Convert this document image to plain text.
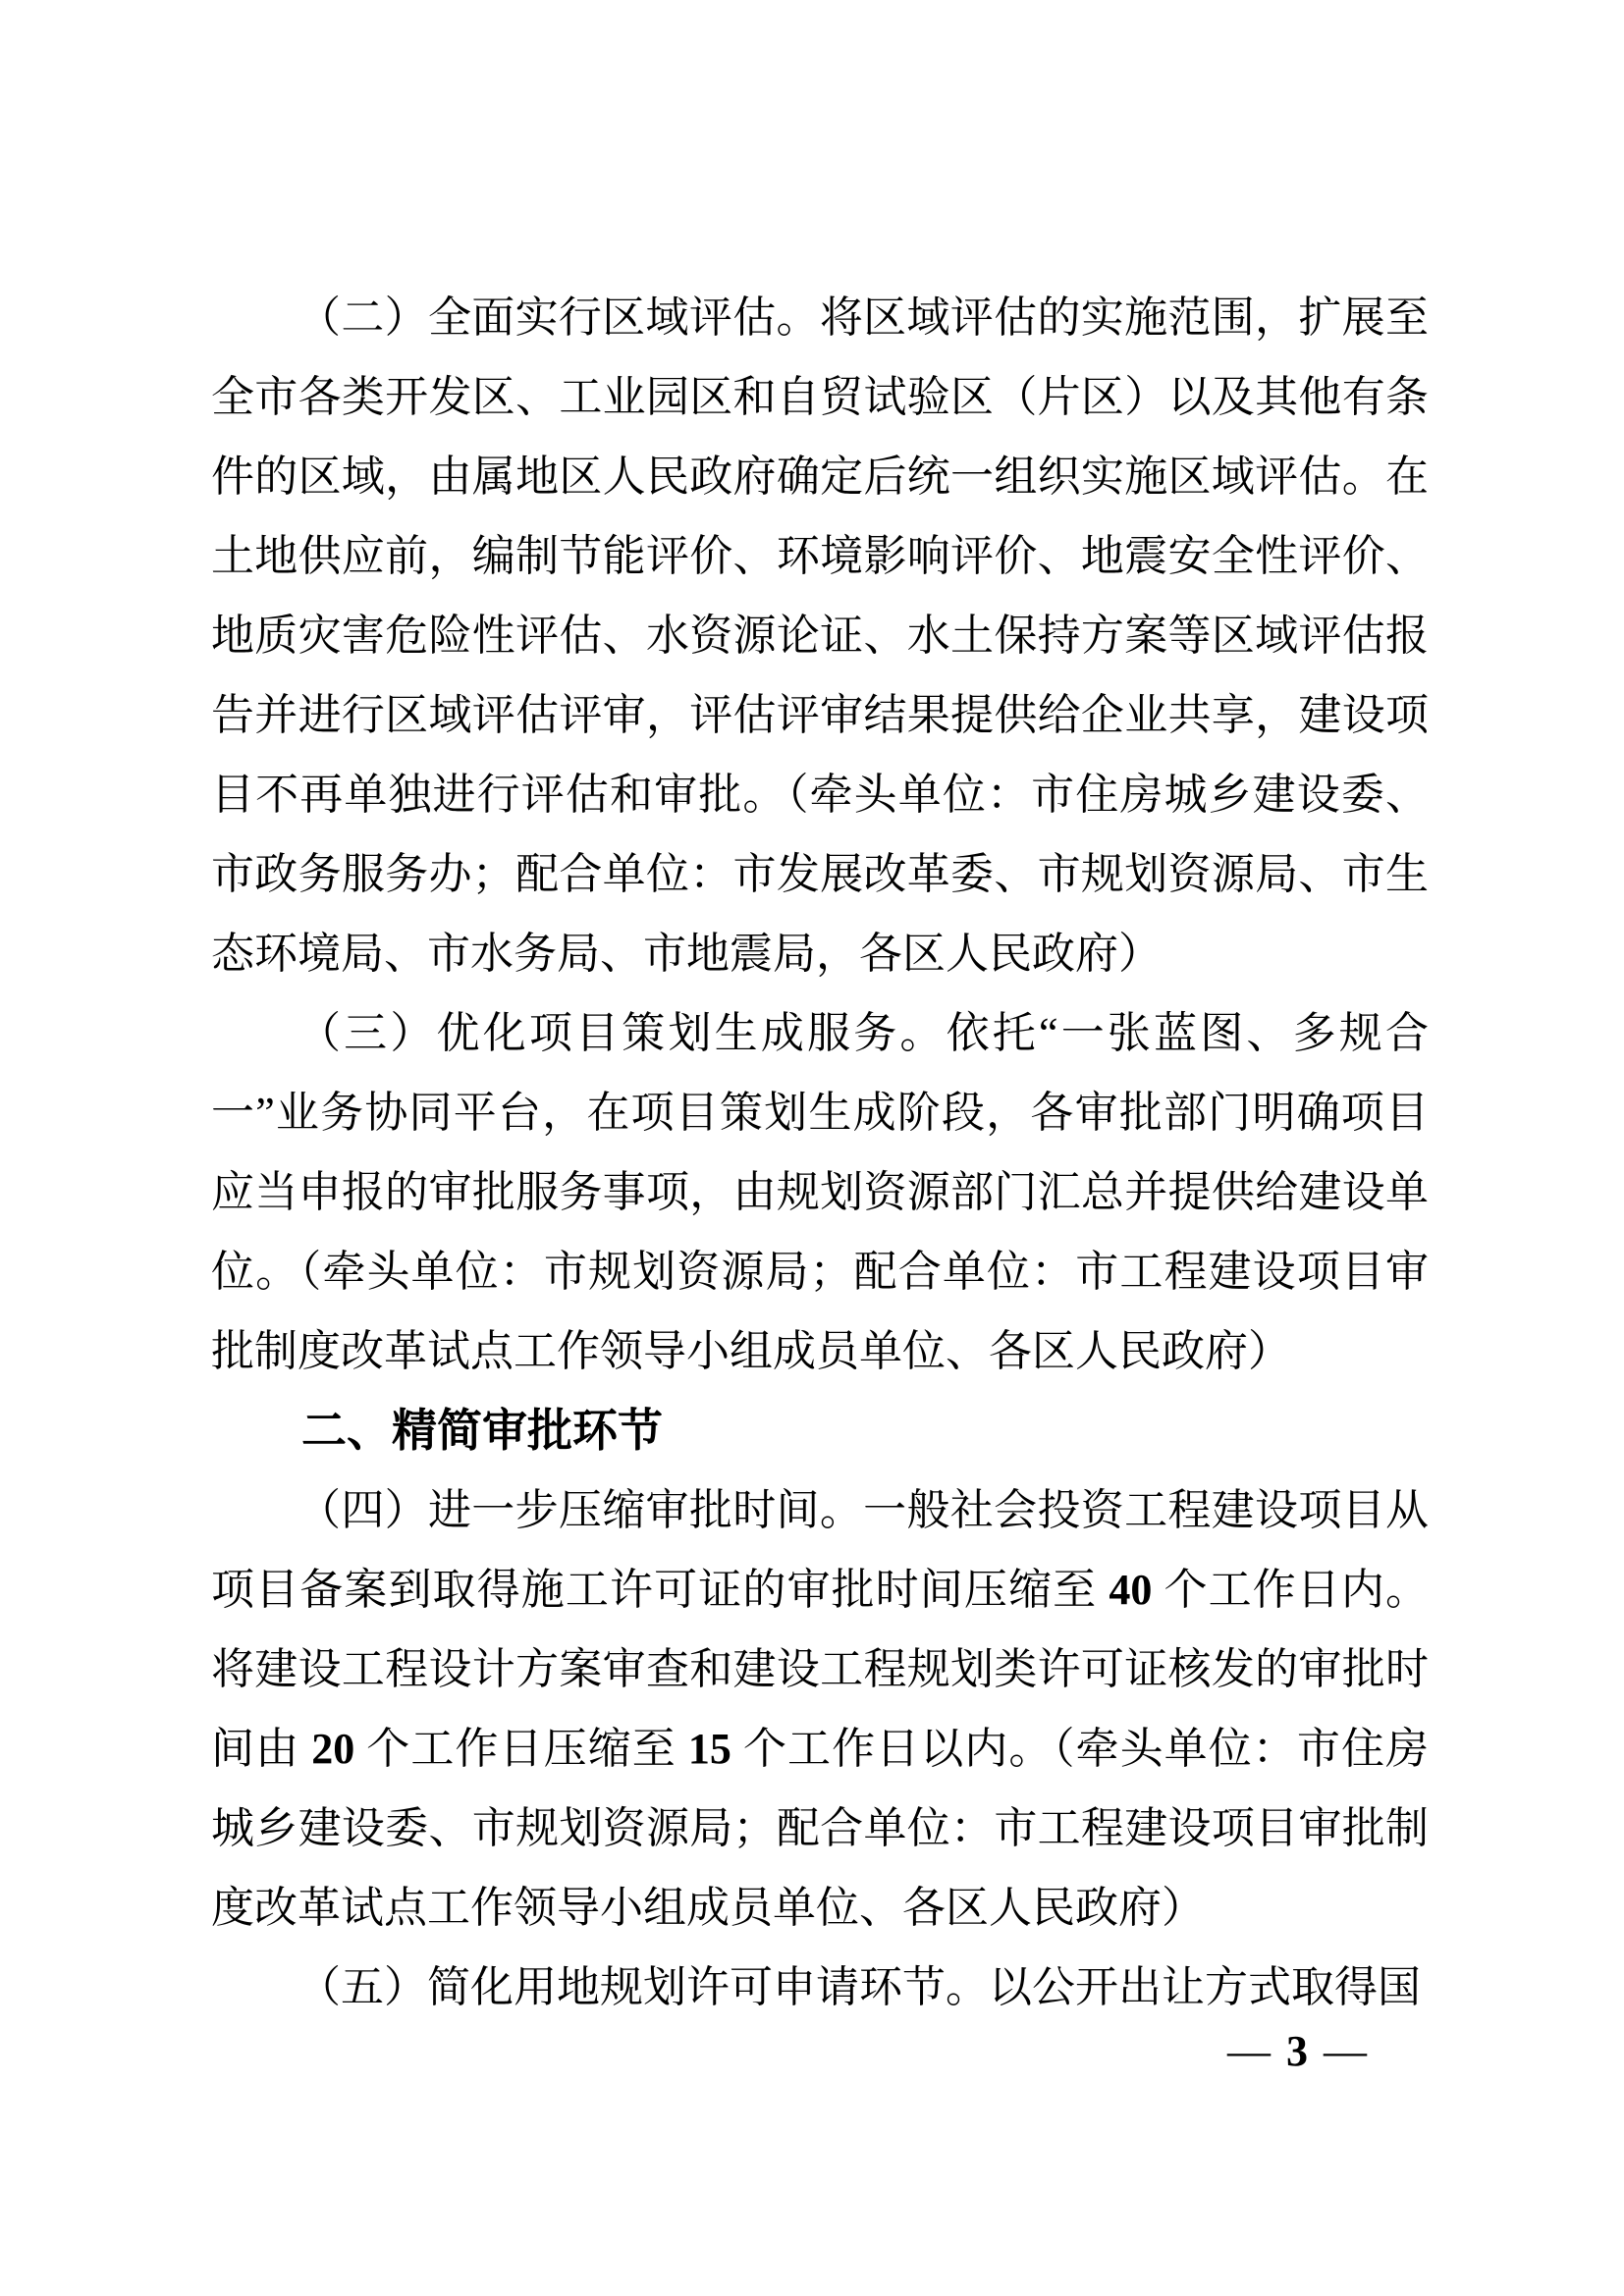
（二）全面实行区域评估。将区域评估的实施范围，扩展至全市各类开发区、工业园区和自贸试验区（片区）以及其他有条件的区域，由属地区人民政府确定后统一组织实施区域评估。在土地供应前，编制节能评价、环境影响评价、地震安全性评价、地质灾害危险性评估、水资源论证、水土保持方案等区域评估报告并进行区域评估评审，评估评审结果提供给企业共享，建设项目不再单独进行评估和审批。（牵头单位：市住房城乡建设委、市政务服务办；配合单位：市发展改革委、市规划资源局、市生态环境局、市水务局、市地震局，各区人民政府）

（三）优化项目策划生成服务。依托“一张蓝图、多规合一”业务协同平台，在项目策划生成阶段，各审批部门明确项目应当申报的审批服务事项，由规划资源部门汇总并提供给建设单位。（牵头单位：市规划资源局；配合单位：市工程建设项目审批制度改革试点工作领导小组成员单位、各区人民政府）

二、精简审批环节

（四）进一步压缩审批时间。一般社会投资工程建设项目从项目备案到取得施工许可证的审批时间压缩至 40 个工作日内。将建设工程设计方案审查和建设工程规划类许可证核发的审批时间由 20 个工作日压缩至 15 个工作日以内。（牵头单位：市住房城乡建设委、市规划资源局；配合单位：市工程建设项目审批制度改革试点工作领导小组成员单位、各区人民政府）

（五）简化用地规划许可申请环节。以公开出让方式取得国

— 3 —
